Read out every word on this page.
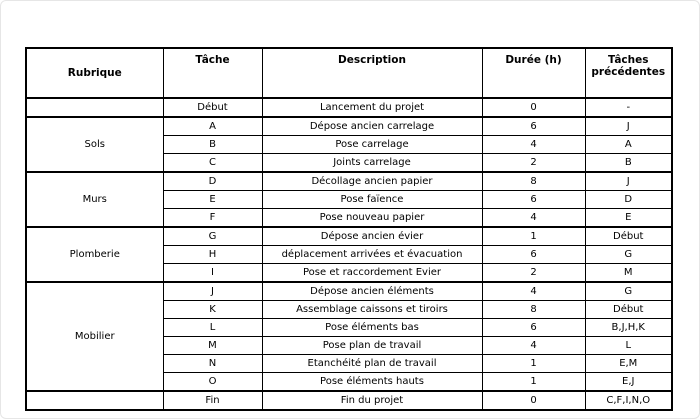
Rubrique	Tâche	Description	Durée (h)	Tâches précédentes
	Début	Lancement du projet	0	-
Sols	A	Dépose ancien carrelage	6	J
	B	Pose carrelage	4	A
	C	Joints carrelage	2	B
Murs	D	Décollage ancien papier	8	J
	E	Pose faïence	6	D
	F	Pose nouveau papier	4	E
Plomberie	G	Dépose ancien évier	1	Début
	H	déplacement arrivées et évacuation	6	G
	I	Pose et raccordement Evier	2	M
Mobilier	J	Dépose ancien éléments	4	G
	K	Assemblage caissons et tiroirs	8	Début
	L	Pose éléments bas	6	B,J,H,K
	M	Pose plan de travail	4	L
	N	Etanchéité plan de travail	1	E,M
	O	Pose éléments hauts	1	E,J
	Fin	Fin du projet	0	C,F,I,N,O
